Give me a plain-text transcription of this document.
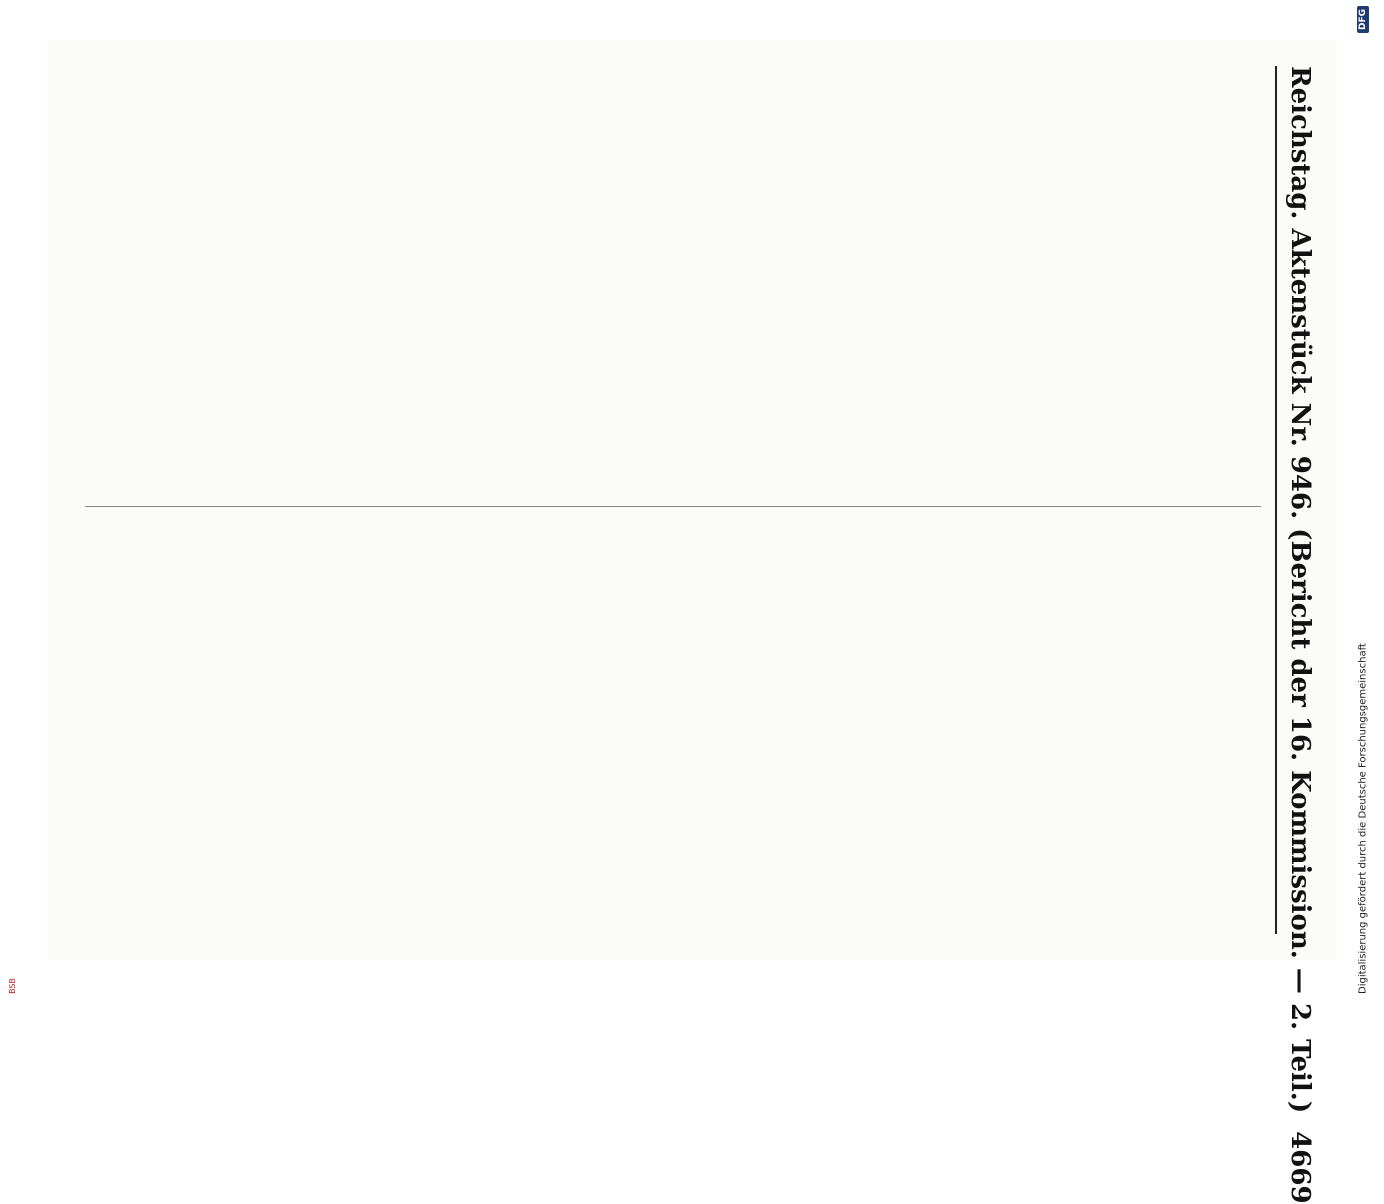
Reichstag. Aktenstück Nr. 946. (Bericht der 16. Kommission. — 2. Teil.)
4669
Digitalisierung gefördert durch die Deutsche Forschungsgemeinschaft
DFG
BSB
